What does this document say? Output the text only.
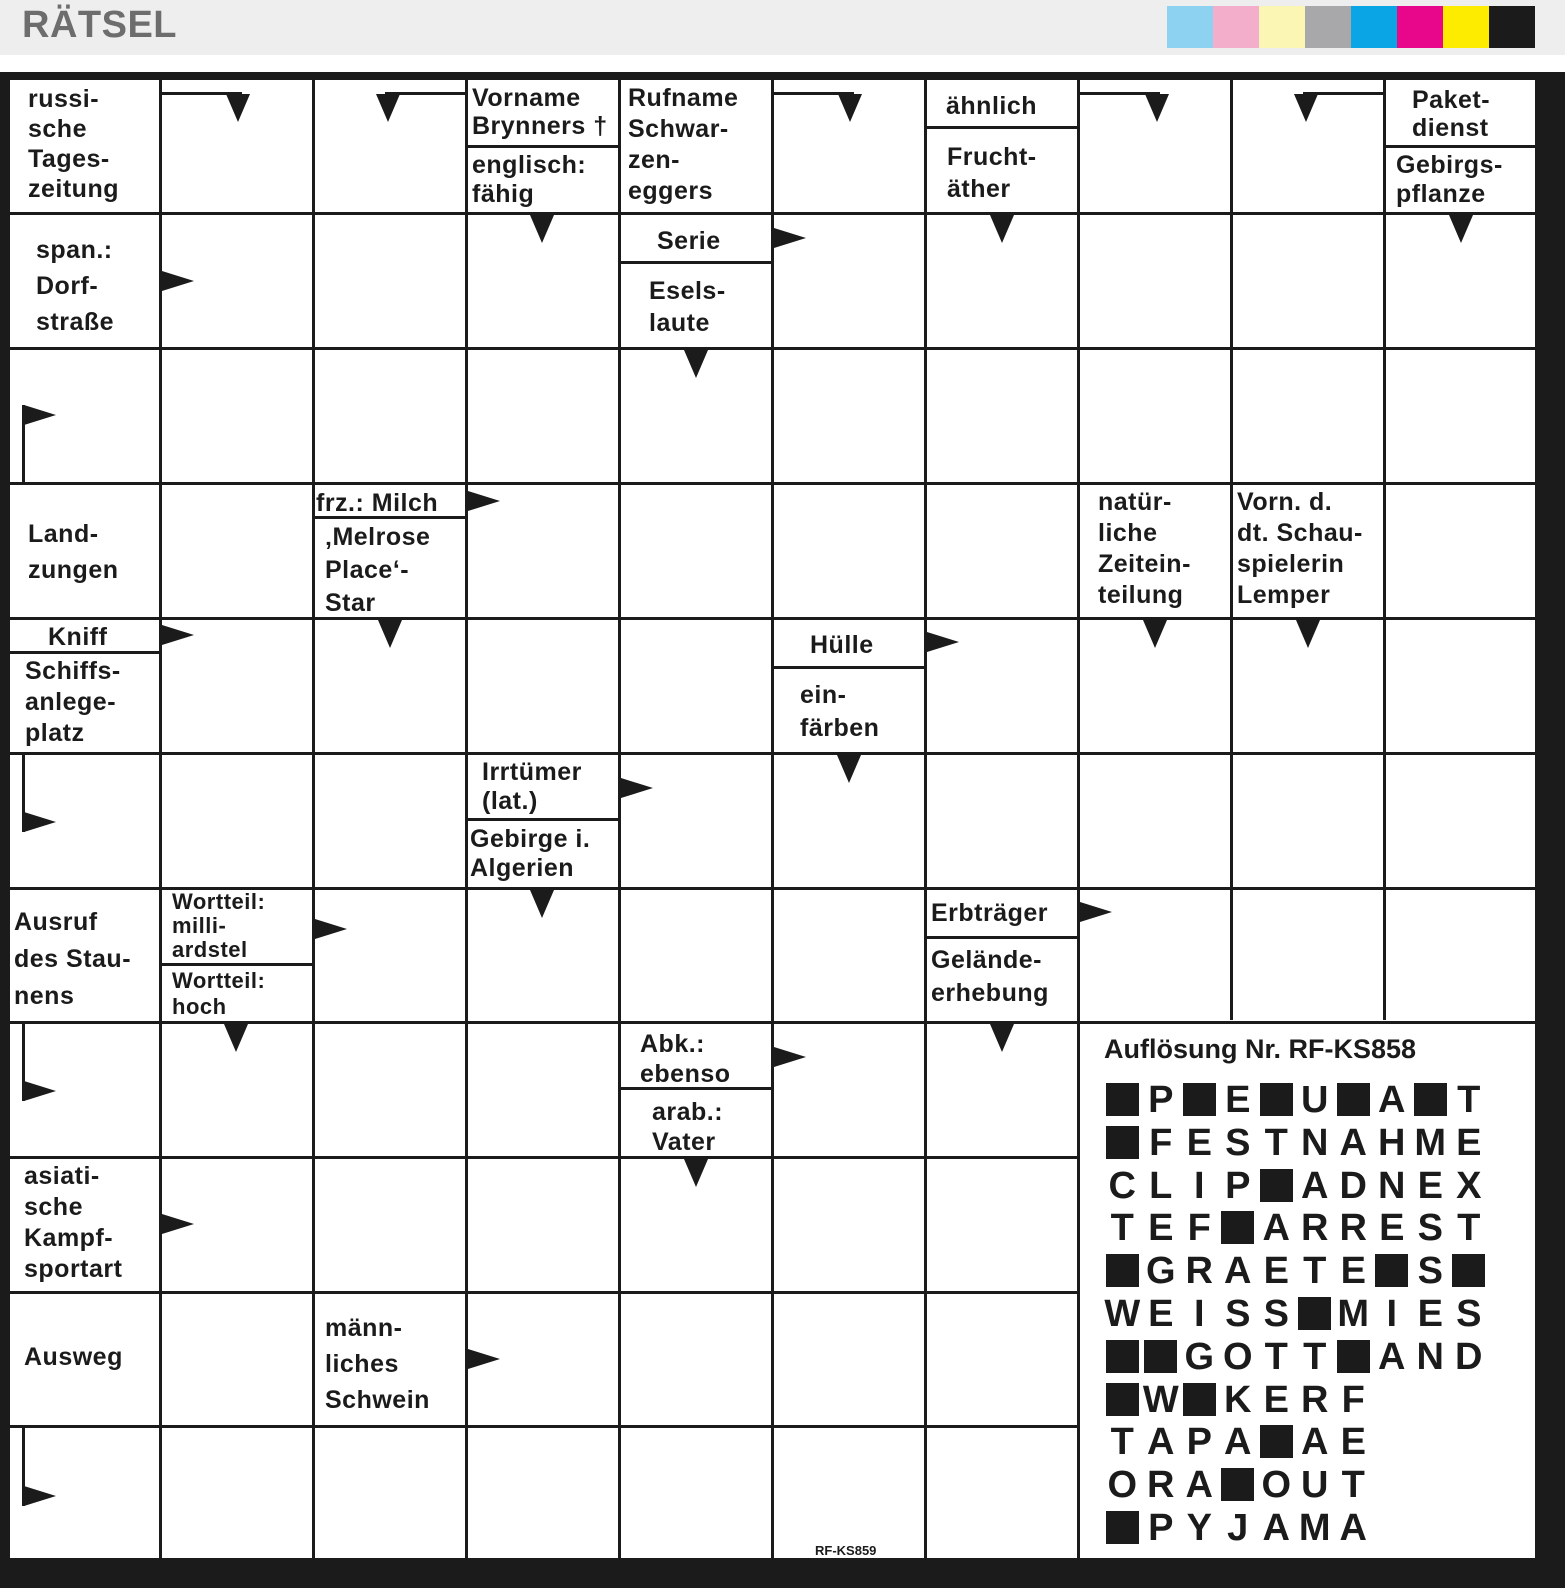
RÄTSEL
russi-
sche
Tages-
zeitung
Vorname
Brynners †
englisch:
fähig
Rufname
Schwar-
zen-
eggers
ähnlich
Frucht-
äther
Paket-
dienst
Gebirgs-
pflanze
span.:
Dorf-
straße
Serie
Esels-
laute
Land-
zungen
frz.: Milch
‚Melrose
Place‘-
Star
natür-
liche
Zeitein-
teilung
Vorn. d.
dt. Schau-
spielerin
Lemper
Kniff
Schiffs-
anlege-
platz
Hülle
ein-
färben
Irrtümer
(lat.)
Gebirge i.
Algerien
Ausruf
des Stau-
nens
Wortteil:
milli-
ardstel
Wortteil:
hoch
Erbträger
Gelände-
erhebung
Abk.:
ebenso
arab.:
Vater
asiati-
sche
Kampf-
sportart
Ausweg
männ-
liches
Schwein
Auflösung Nr. RF-KS858
P E U A T
F E S T N A H M E
C L I P A D N E X
T E F A R R E S T
G R A E T E S
W E I S S M I E S
G O T T A N D
W K E R F
T A P A A E
O R A O U T
P Y J A M A
RF-KS859
